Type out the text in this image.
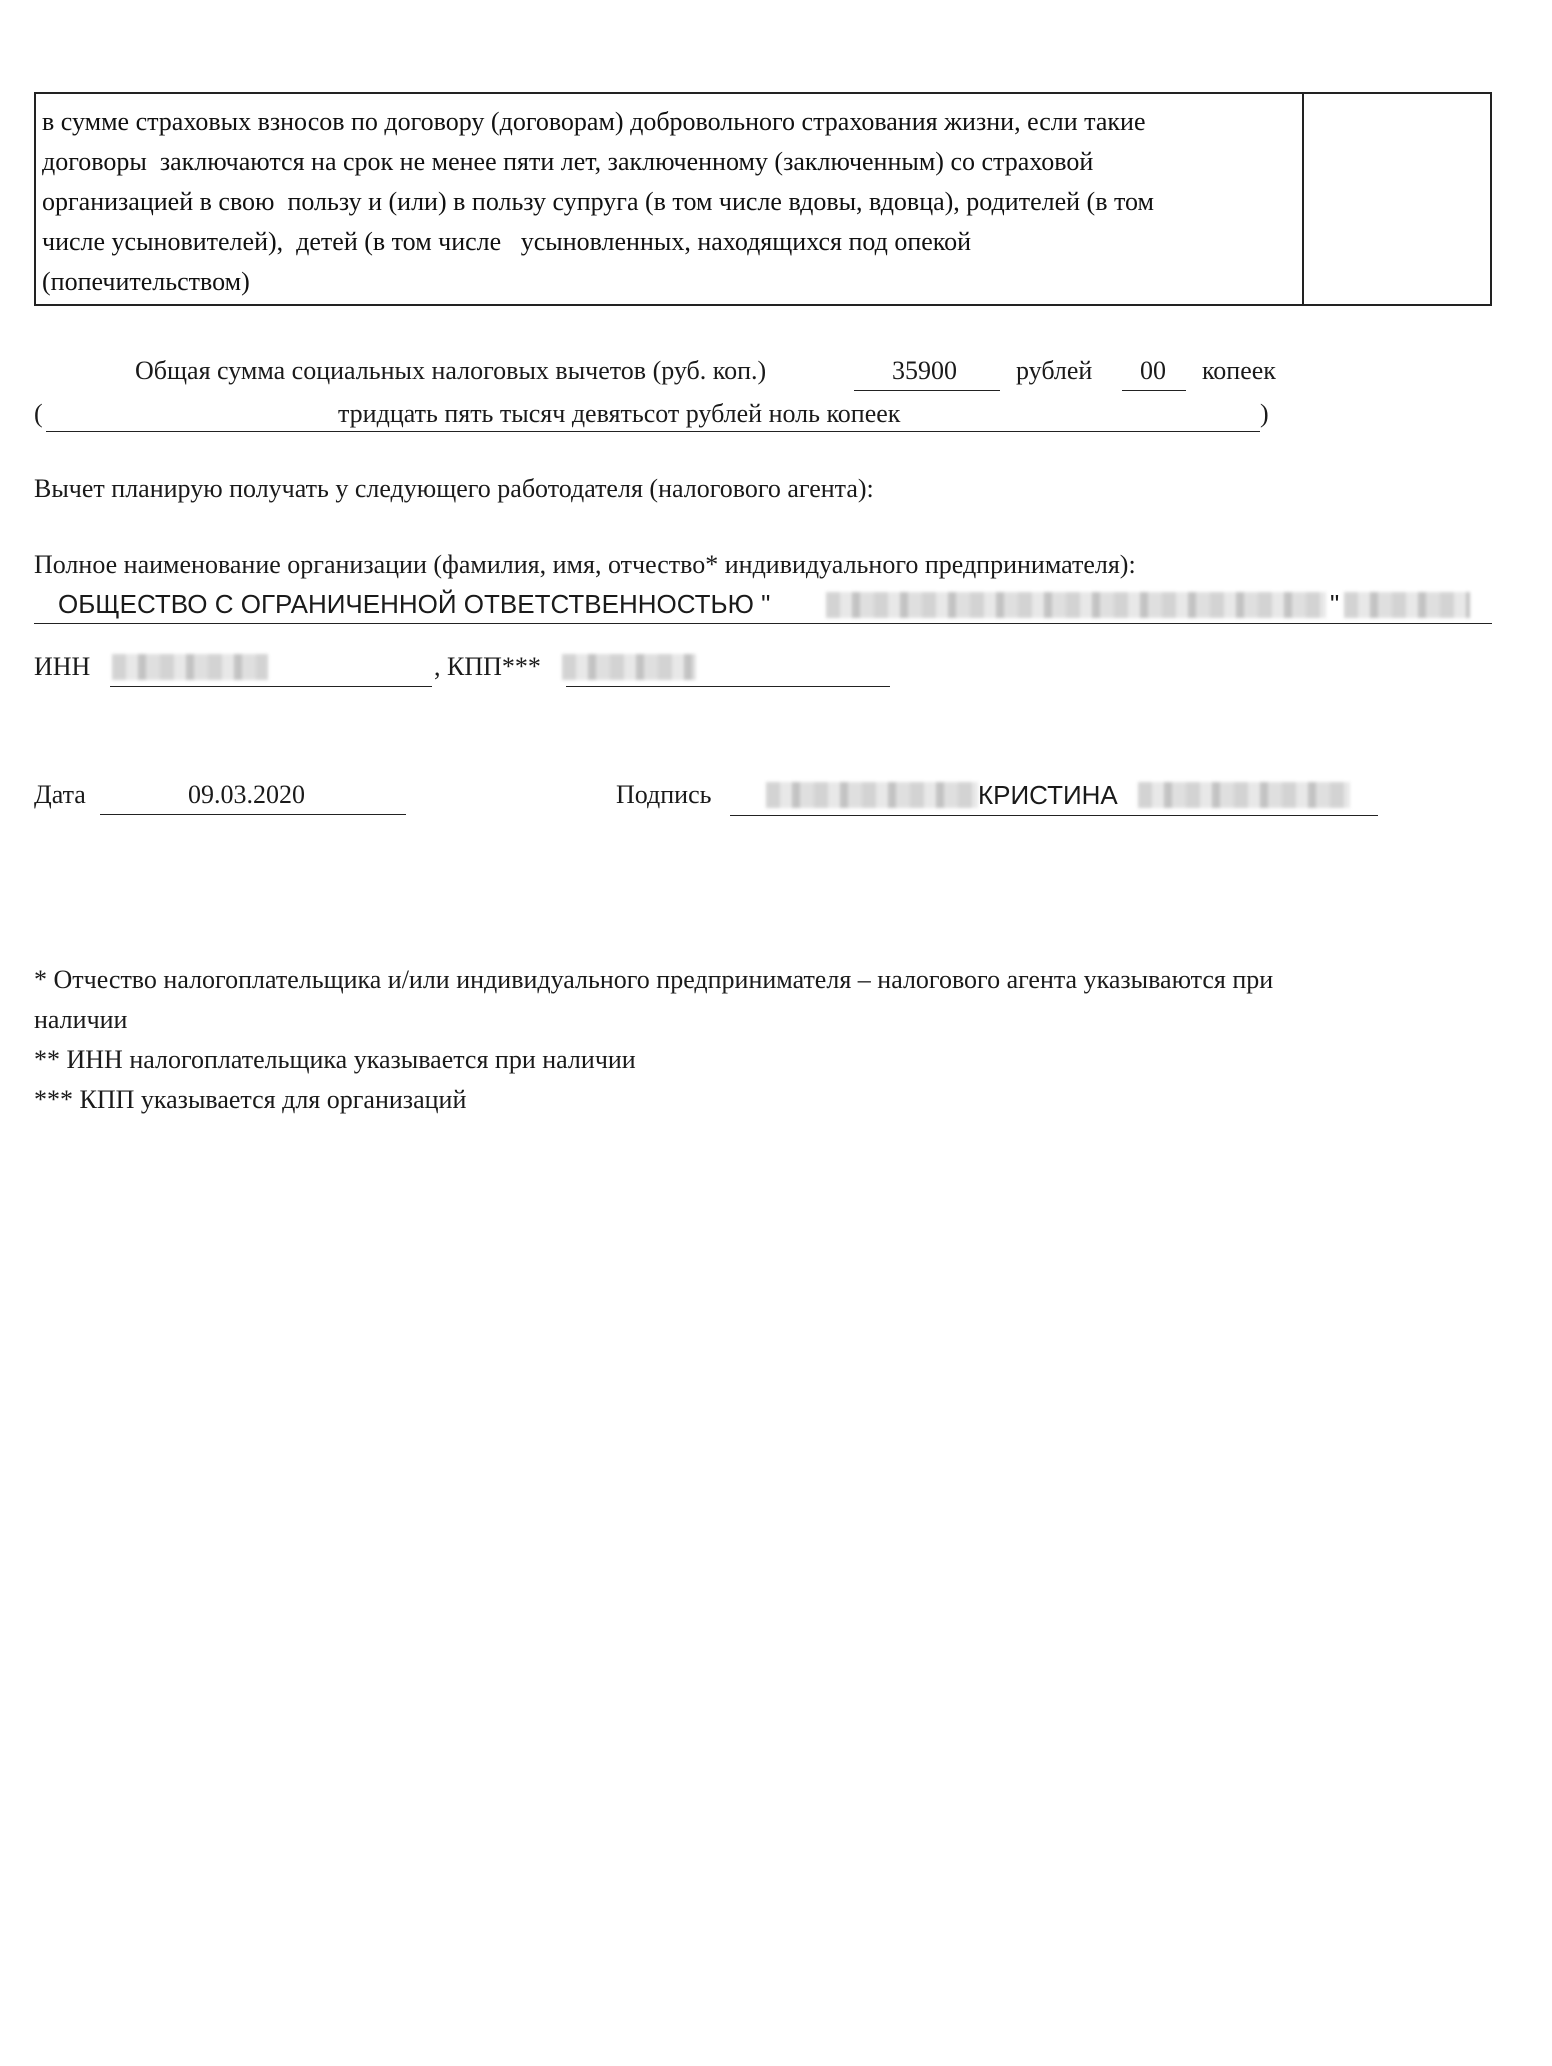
в сумме страховых взносов по договору (договорам) добровольного страхования жизни, если такие
договоры  заключаются на срок не менее пяти лет, заключенному (заключенным) со страховой
организацией в свою  пользу и (или) в пользу супруга (в том числе вдовы, вдовца), родителей (в том
числе усыновителей),  детей (в том числе   усыновленных, находящихся под опекой
(попечительством)
Общая сумма социальных налоговых вычетов (руб. коп.)	35900 рублей 00 копеек
(	тридцать пять тысяч девятьсот рублей ноль копеек	)
Вычет планирую получать у следующего работодателя (налогового агента):
Полное наименование организации (фамилия, имя, отчество* индивидуального предпринимателя):
ОБЩЕСТВО С ОГРАНИЧЕННОЙ ОТВЕТСТВЕННОСТЬЮ "	"
ИНН	, КПП***
Дата	09.03.2020	Подпись	КРИСТИНА
* Отчество налогоплательщика и/или индивидуального предпринимателя – налогового агента указываются при
наличии
** ИНН налогоплательщика указывается при наличии
*** КПП указывается для организаций
